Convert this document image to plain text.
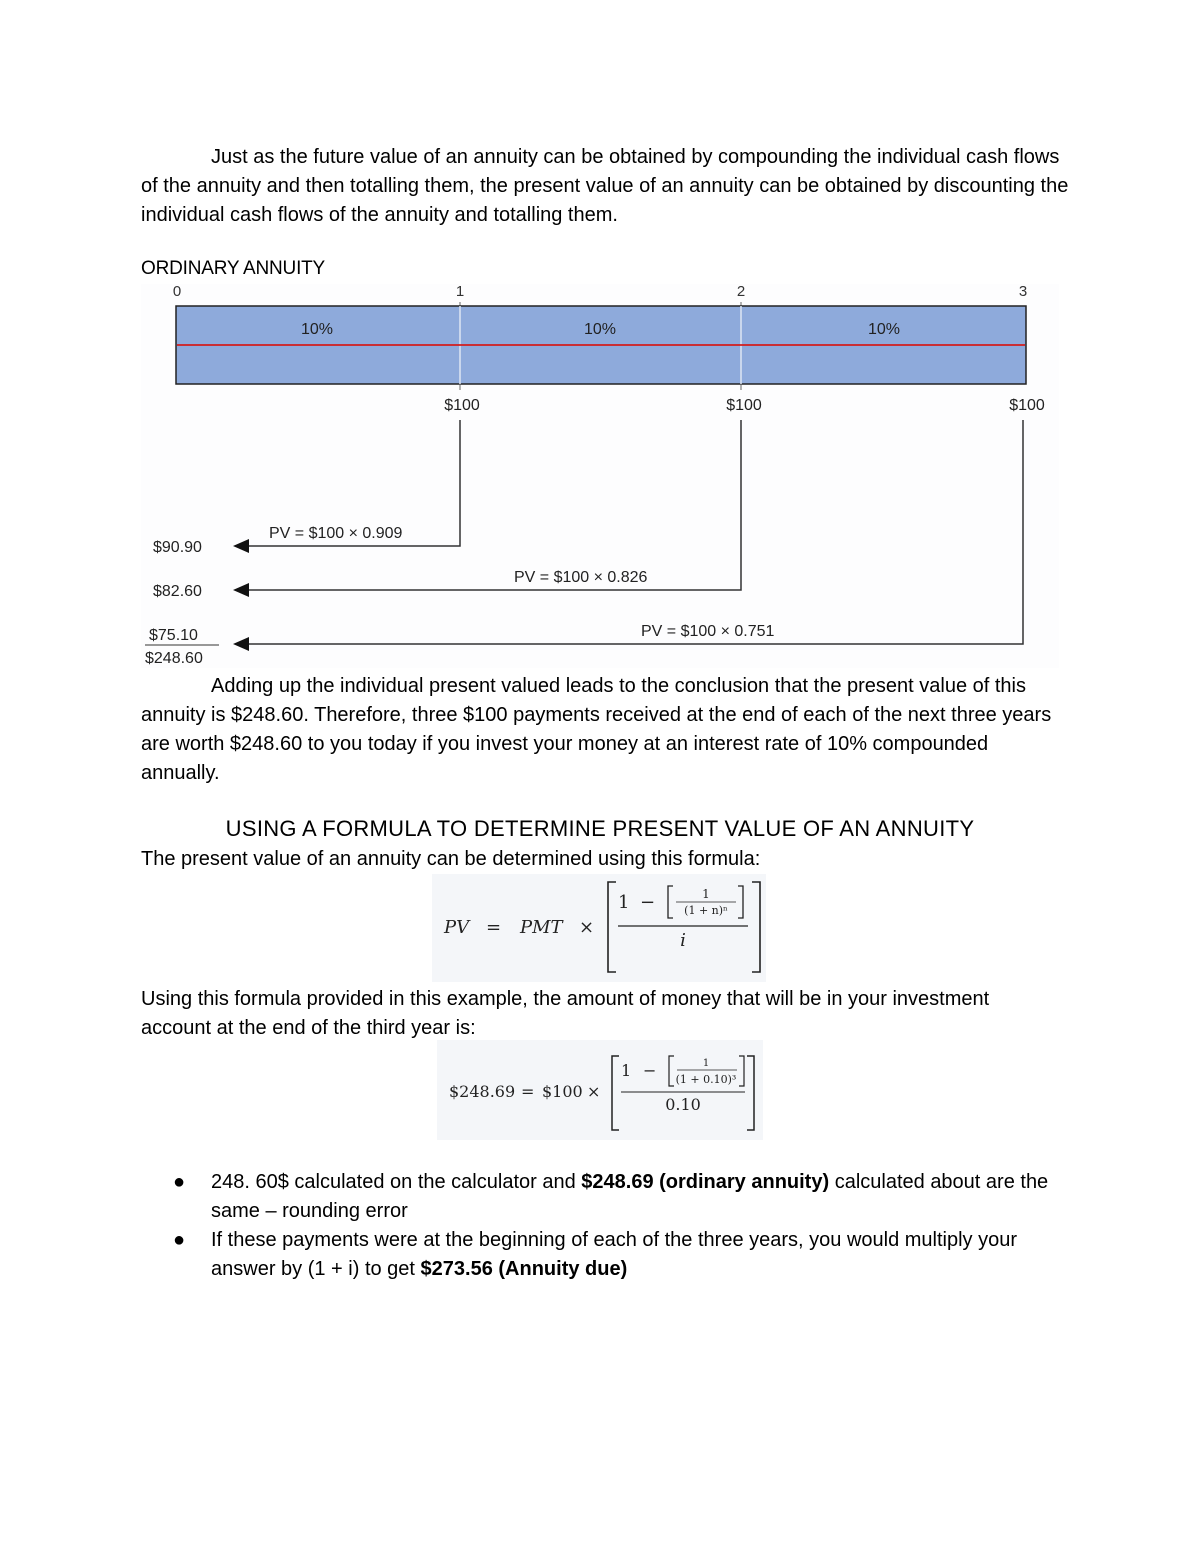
Just as the future value of an annuity can be obtained by compounding the individual cash flows of the annuity and then totalling them, the present value of an annuity can be obtained by discounting the individual cash flows of the annuity and totalling them.

ORDINARY ANNUITY
0	1	2	3
10%	10%	10%
$100	$100	$100
PV = $100 × 0.909
PV = $100 × 0.826
PV = $100 × 0.751
$90.90
$82.60
$75.10
$248.60

Adding up the individual present valued leads to the conclusion that the present value of this annuity is $248.60. Therefore, three $100 payments received at the end of each of the next three years are worth $248.60 to you today if you invest your money at an interest rate of 10% compounded annually.

USING A FORMULA TO DETERMINE PRESENT VALUE OF AN ANNUITY
The present value of an annuity can be determined using this formula:
PV = PMT ×
1 −	1
(1 + n)ⁿ
i
Using this formula provided in this example, the amount of money that will be in your investment account at the end of the third year is:
$248.69 = $100 ×
1 −	1
(1 + 0.10)³
0.10
● 248. 60$ calculated on the calculator and $248.69 (ordinary annuity) calculated about are the same – rounding error
● If these payments were at the beginning of each of the three years, you would multiply your answer by (1 + i) to get $273.56 (Annuity due)
